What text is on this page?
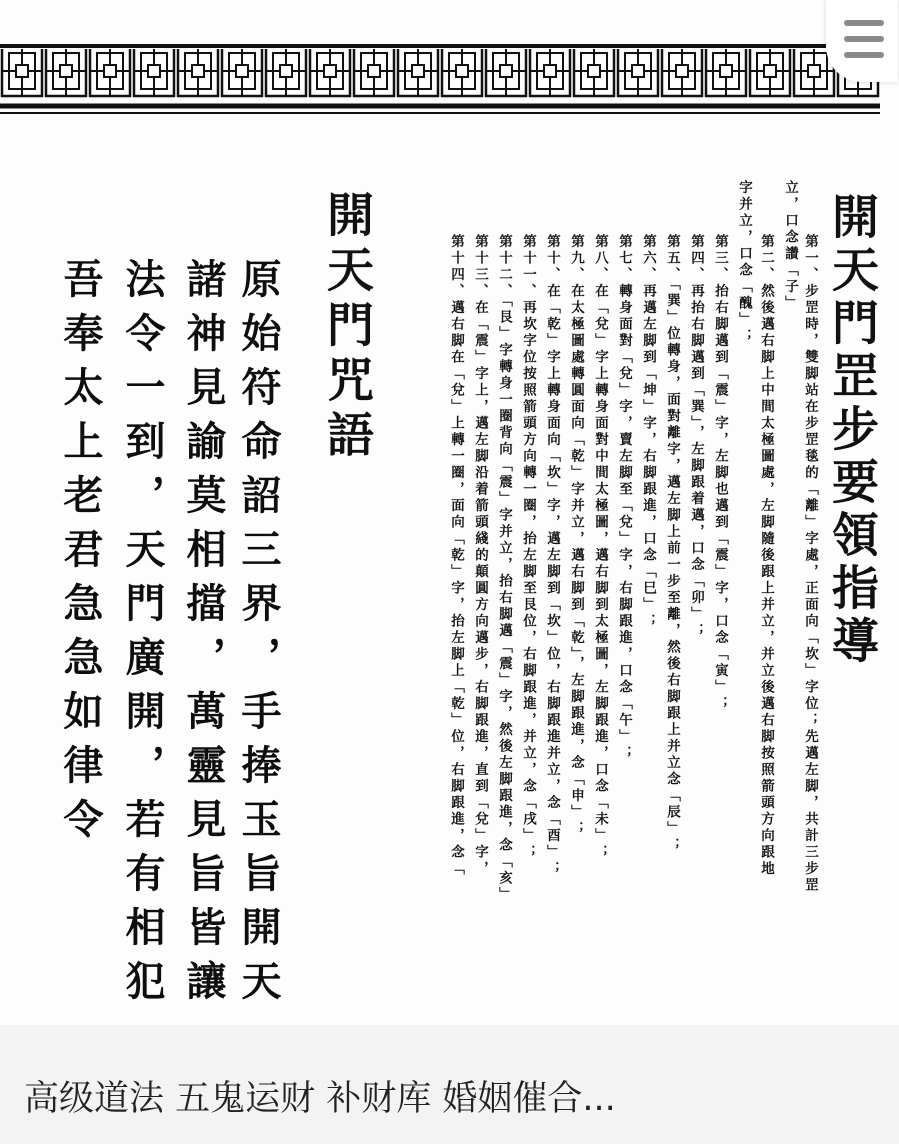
開天門罡步要領指導

第一、步罡時，雙脚站在步罡毯的「離」字處，正面向「坎」字位；先邁左脚，共計三步罡

立，口念讚「子」

第二、然後邁右脚上中間太極圖處，左脚隨後跟上并立，并立後邁右脚按照箭頭方向跟地

字并立，口念「醜」；

第三、抬右脚邁到「震」字，左脚也邁到「震」字，口念「寅」；

第四、再抬右脚邁到「巽」，左脚跟着邁，口念「卯」；

第五、「巽」位轉身，面對離字，邁左脚上前一步至離，然後右脚跟上并立念「辰」；

第六、再邁左脚到「坤」字，右脚跟進，口念「巳」；

第七、轉身面對「兌」字，賣左脚至「兌」字，右脚跟進，口念「午」；

第八、在「兌」字上轉身面對中間太極圖，邁右脚到太極圖，左脚跟進，口念「未」；

第九、在太極圖處轉圓面向「乾」字并立，邁右脚到「乾」，左脚跟進，念「申」；

第十、在「乾」字上轉身面向「坎」字，邁左脚到「坎」位，右脚跟進并立，念「酉」；

第十一、再坎字位按照箭頭方向轉一圈，抬左脚至艮位，右脚跟進，并立，念「戌」；

第十二、「艮」字轉身一圈背向「震」字并立，抬右脚邁「震」字，然後左脚跟進，念「亥」

第十三、在「震」字上，邁左脚沿着箭頭綫的顛圓方向邁步，右脚跟進，直到「兌」字，

第十四、邁右脚在「兌」上轉一圈，面向「乾」字，抬左脚上「乾」位，右脚跟進，念「

開天門咒語

原始符命詔三界，手捧玉旨開天

諸神見諭莫相擋，萬靈見旨皆讓

法令一到，天門廣開，若有相犯

吾奉太上老君急急如律令

高级道法 五鬼运财 补财库 婚姻催合...
